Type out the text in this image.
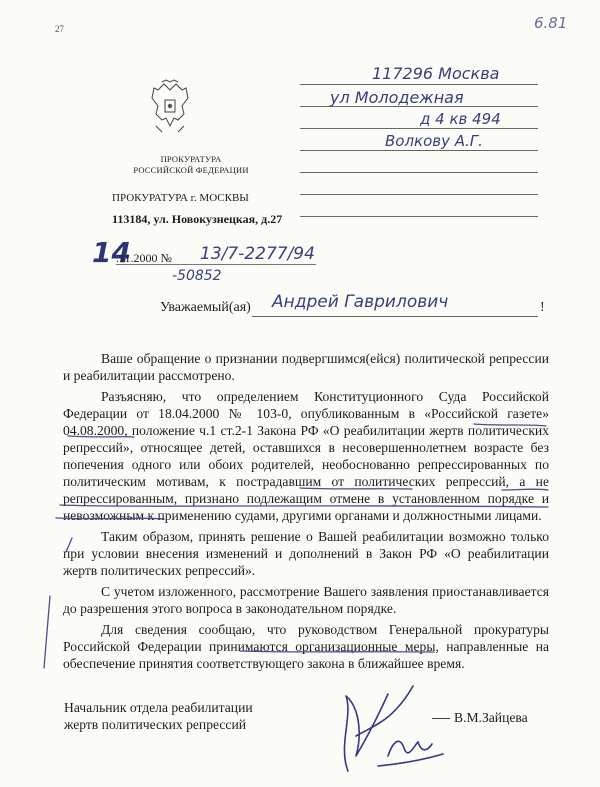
27	6.81
ПРОКУРАТУРА
РОССИЙСКОЙ ФЕДЕРАЦИИ
ПРОКУРАТУРА г. МОСКВЫ
113184, ул. Новокузнецкая, д.27
117296 Москва
ул Молодежная
д 4 кв 494
Волкову А.Г.
14
.11.2000 № 13/7-2277/94
-50852
Уважаемый(ая) Андрей Гаврилович	!

Ваше обращение о признании подвергшимся(ейся) политической репрессии и реабилитации рассмотрено.

Разъясняю, что определением Конституционного Суда Российской Федерации от 18.04.2000 № 103-0, опубликованным в «Российской газете» 04.08.2000, положение ч.1 ст.2-1 Закона РФ «О реабилитации жертв политических репрессий», относящее детей, оставшихся в несовершеннолетнем возрасте без попечения одного или обоих родителей, необоснованно репрессированных по политическим мотивам, к пострадавшим от политических репрессий, а не репрессированным, признано подлежащим отмене в установленном порядке и невозможным к применению судами, другими органами и должностными лицами.

Таким образом, принять решение о Вашей реабилитации возможно только при условии внесения изменений и дополнений в Закон РФ «О реабилитации жертв политических репрессий».

С учетом изложенного, рассмотрение Вашего заявления приостанавливается до разрешения этого вопроса в законодательном порядке.

Для сведения сообщаю, что руководством Генеральной прокуратуры Российской Федерации принимаются организационные меры, направленные на обеспечение принятия соответствующего закона в ближайшее время.

Начальник отдела реабилитации
жертв политических репрессий	В.М.Зайцева
